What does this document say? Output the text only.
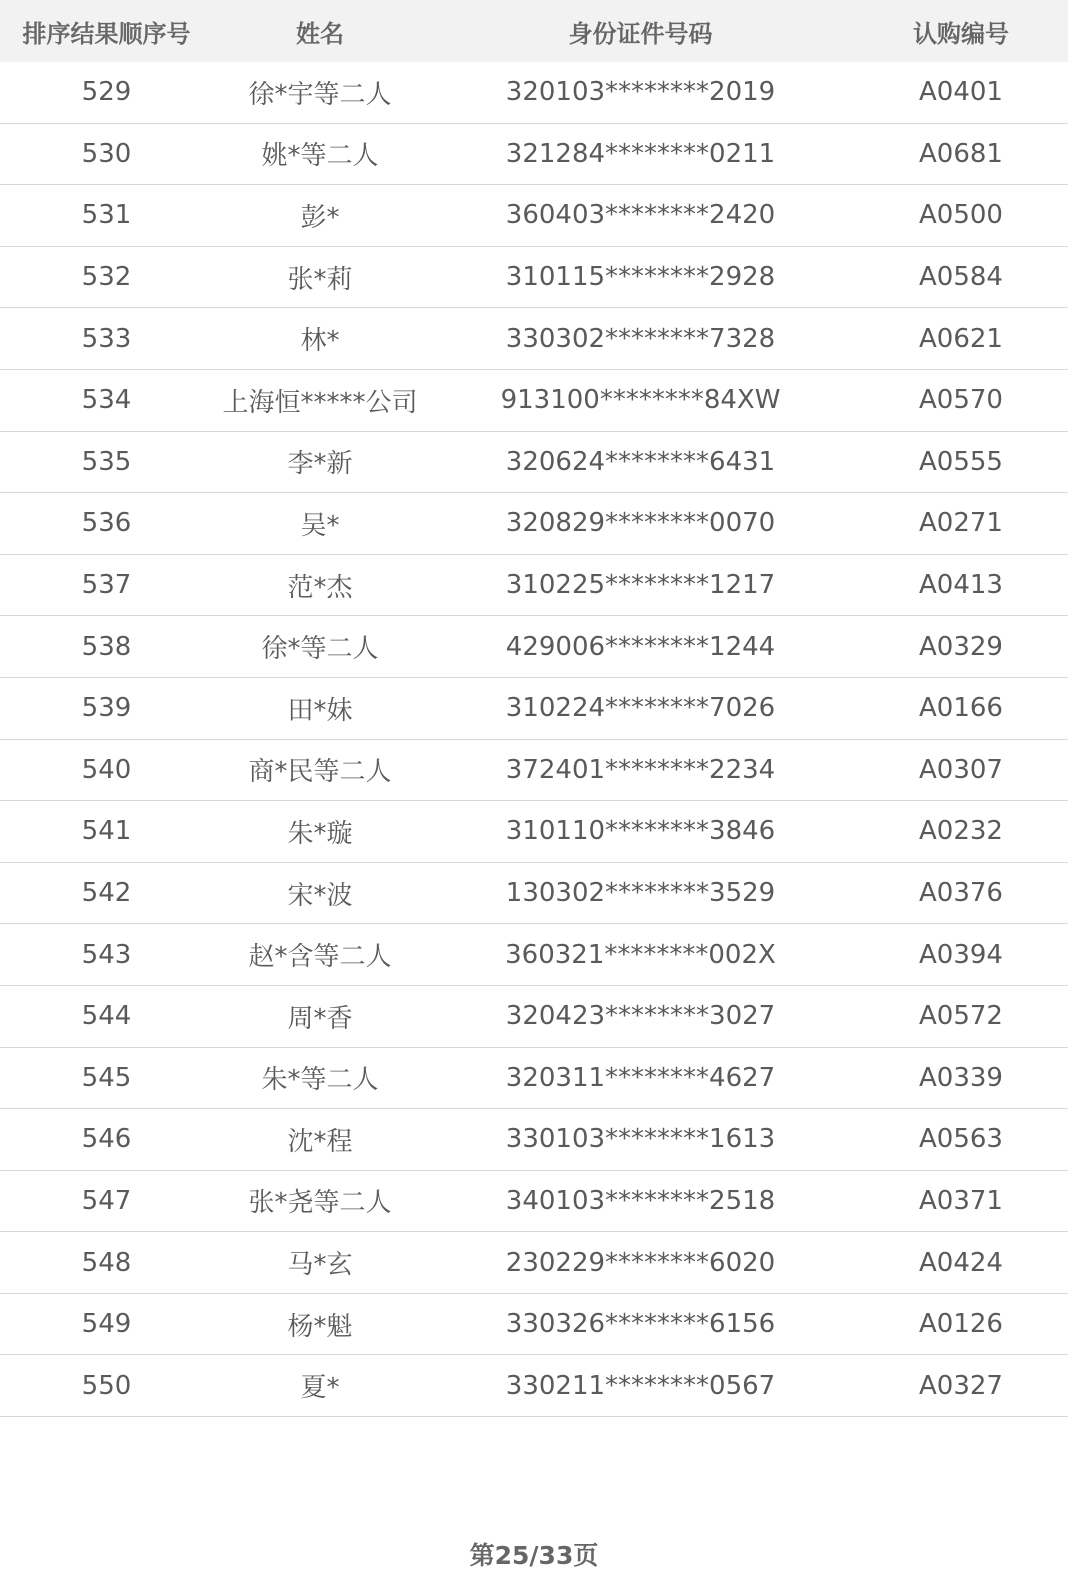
排序结果顺序号	姓名	身份证件号码	认购编号
529	徐*宇等二人	320103********2019	A0401
530	姚*等二人	321284********0211	A0681
531	彭*	360403********2420	A0500
532	张*莉	310115********2928	A0584
533	林*	330302********7328	A0621
534	上海恒*****公司	913100********84XW	A0570
535	李*新	320624********6431	A0555
536	吴*	320829********0070	A0271
537	范*杰	310225********1217	A0413
538	徐*等二人	429006********1244	A0329
539	田*妹	310224********7026	A0166
540	商*民等二人	372401********2234	A0307
541	朱*璇	310110********3846	A0232
542	宋*波	130302********3529	A0376
543	赵*含等二人	360321********002X	A0394
544	周*香	320423********3027	A0572
545	朱*等二人	320311********4627	A0339
546	沈*程	330103********1613	A0563
547	张*尧等二人	340103********2518	A0371
548	马*玄	230229********6020	A0424
549	杨*魁	330326********6156	A0126
550	夏*	330211********0567	A0327
第25/33页
